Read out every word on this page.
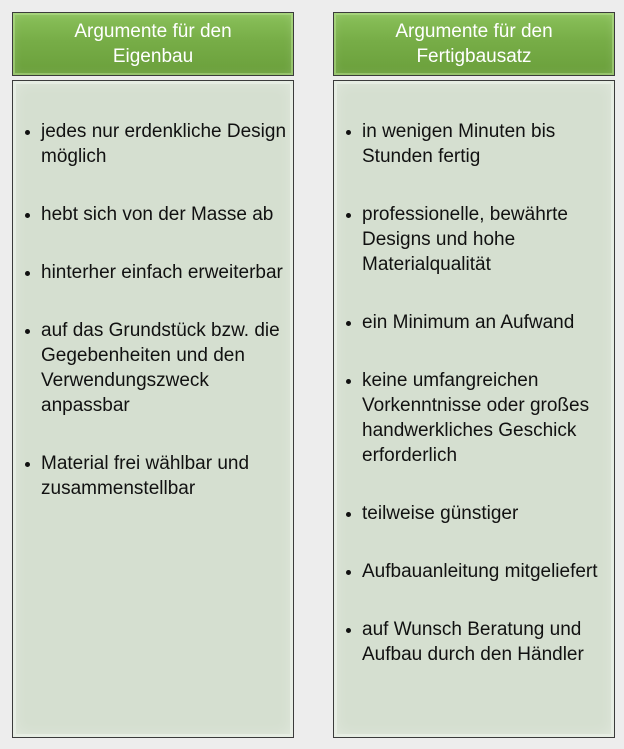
Argumente für den
Eigenbau
jedes nur erdenkliche Design möglich
hebt sich von der Masse ab
hinterher einfach erweiterbar
auf das Grundstück bzw. die Gegebenheiten und den Verwendungszweck anpassbar
Material frei wählbar und zusammenstellbar
Argumente für den
Fertigbausatz
in wenigen Minuten bis Stunden fertig
professionelle, bewährte Designs und hohe Materialqualität
ein Minimum an Aufwand
keine umfangreichen Vorkenntnisse oder großes handwerkliches Geschick erforderlich
teilweise günstiger
Aufbauanleitung mitgeliefert
auf Wunsch Beratung und Aufbau durch den Händler
